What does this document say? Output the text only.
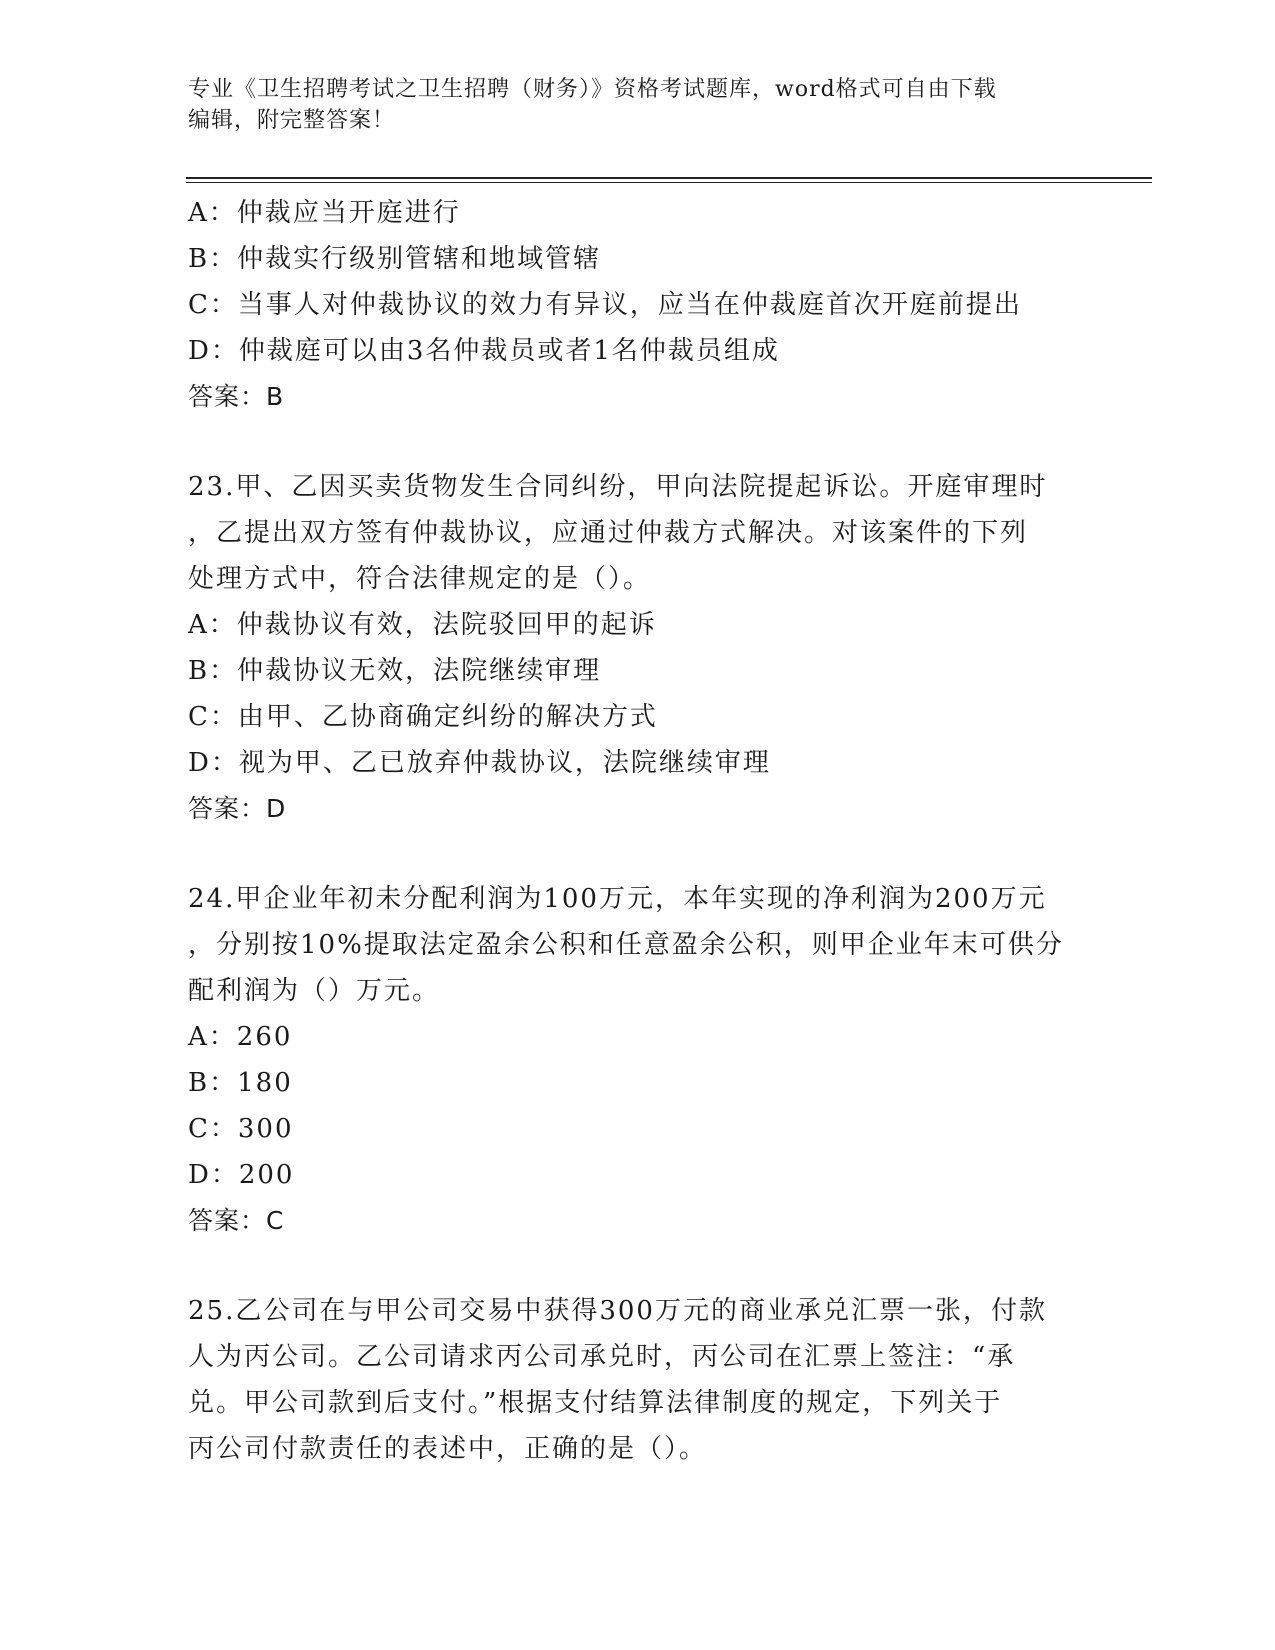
专业《卫生招聘考试之卫生招聘（财务）》资格考试题库，word格式可自由下载
编辑，附完整答案！
A：仲裁应当开庭进行
B：仲裁实行级别管辖和地域管辖
C：当事人对仲裁协议的效力有异议，应当在仲裁庭首次开庭前提出
D：仲裁庭可以由3名仲裁员或者1名仲裁员组成
答案：B
23.甲、乙因买卖货物发生合同纠纷，甲向法院提起诉讼。开庭审理时
，乙提出双方签有仲裁协议，应通过仲裁方式解决。对该案件的下列
处理方式中，符合法律规定的是（）。
A：仲裁协议有效，法院驳回甲的起诉
B：仲裁协议无效，法院继续审理
C：由甲、乙协商确定纠纷的解决方式
D：视为甲、乙已放弃仲裁协议，法院继续审理
答案：D
24.甲企业年初未分配利润为100万元，本年实现的净利润为200万元
，分别按10%提取法定盈余公积和任意盈余公积，则甲企业年末可供分
配利润为（）万元。
A：260
B：180
C：300
D：200
答案：C
25.乙公司在与甲公司交易中获得300万元的商业承兑汇票一张，付款
人为丙公司。乙公司请求丙公司承兑时，丙公司在汇票上签注：“承
兑。甲公司款到后支付。”根据支付结算法律制度的规定，下列关于
丙公司付款责任的表述中，正确的是（）。
